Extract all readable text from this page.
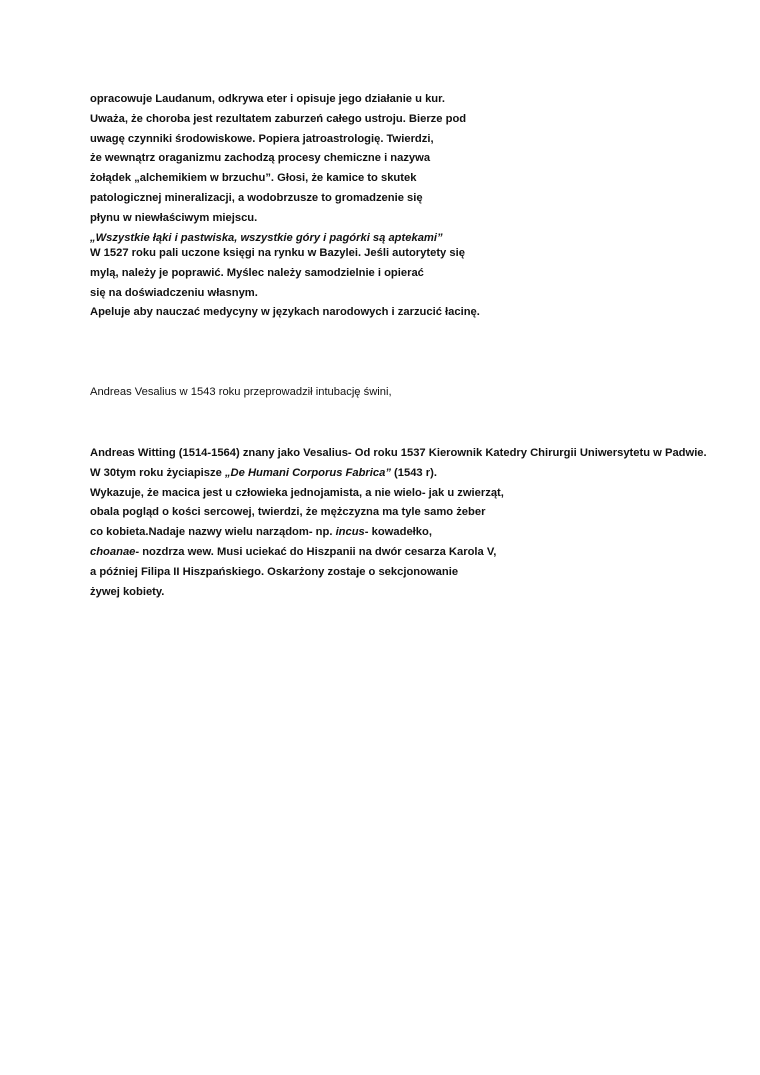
opracowuje Laudanum, odkrywa eter i opisuje jego działanie u kur.
Uważa, że choroba jest rezultatem zaburzeń całego ustroju. Bierze pod
uwagę czynniki środowiskowe. Popiera jatroastrologię. Twierdzi,
że wewnątrz oraganizmu zachodzą procesy chemiczne i nazywa
żołądek „alchemikiem w brzuchu”. Głosi, że kamice to skutek
patologicznej mineralizacji, a wodobrzusze to gromadzenie się
płynu w niewłaściwym miejscu.
„Wszystkie łąki i pastwiska, wszystkie góry i pagórki są aptekami”
W 1527 roku pali uczone księgi na rynku w Bazylei. Jeśli autorytety się
mylą, należy je poprawić. Myślec należy samodzielnie i opierać
się na doświadczeniu własnym.
Apeluje aby nauczać medycyny w językach narodowych i zarzucić łacinę.
Andreas Vesalius w 1543 roku przeprowadził intubację świni,
Andreas Witting (1514-1564) znany jako Vesalius- Od roku 1537 Kierownik Katedry Chirurgii Uniwersytetu w Padwie.
W 30tym roku życiapisze „De Humani Corporus Fabrica” (1543 r).
Wykazuje, że macica jest u człowieka jednojamista, a nie wielo- jak u zwierząt,
obala pogląd o kości sercowej, twierdzi, że mężczyzna ma tyle samo żeber
co kobieta.Nadaje nazwy wielu narządom- np. incus- kowadełko,
choanae- nozdrza wew. Musi uciekać do Hiszpanii na dwór cesarza Karola V,
a później Filipa II Hiszpańskiego. Oskarżony zostaje o sekcjonowanie
żywej kobiety.
